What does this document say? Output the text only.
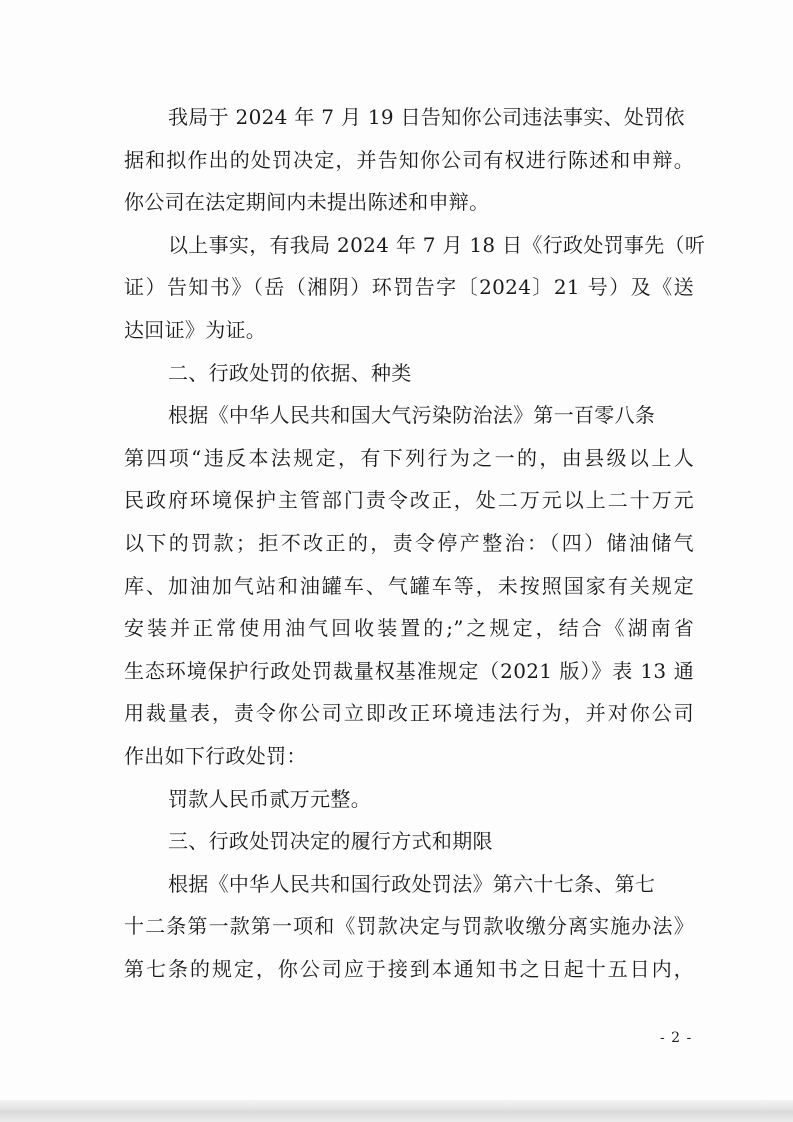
我局于 2024 年 7 月 19 日告知你公司违法事实、处罚依
据和拟作出的处罚决定，并告知你公司有权进行陈述和申辩。
你公司在法定期间内未提出陈述和申辩。
以上事实，有我局 2024 年 7 月 18 日《行政处罚事先（听
证）告知书》（岳（湘阴）环罚告字〔2024〕21 号）及《送
达回证》为证。
二、行政处罚的依据、种类
根据《中华人民共和国大气污染防治法》第一百零八条
第四项“违反本法规定，有下列行为之一的，由县级以上人
民政府环境保护主管部门责令改正，处二万元以上二十万元
以下的罚款；拒不改正的，责令停产整治：（四）储油储气
库、加油加气站和油罐车、气罐车等，未按照国家有关规定
安装并正常使用油气回收装置的;”之规定，结合《湖南省
生态环境保护行政处罚裁量权基准规定（2021 版）》表 13 通
用裁量表，责令你公司立即改正环境违法行为，并对你公司
作出如下行政处罚：
罚款人民币贰万元整。
三、行政处罚决定的履行方式和期限
根据《中华人民共和国行政处罚法》第六十七条、第七
十二条第一款第一项和《罚款决定与罚款收缴分离实施办法》
第七条的规定，你公司应于接到本通知书之日起十五日内，
- 2 -
